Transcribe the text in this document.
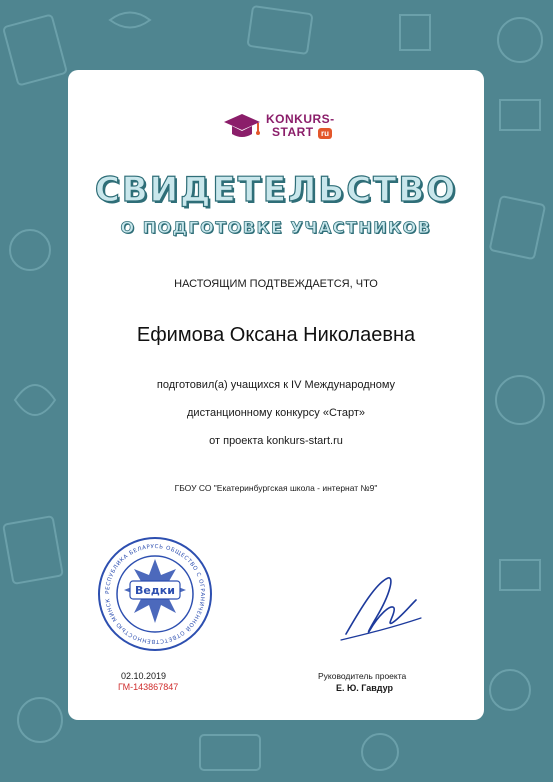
KONKURS-
START ru
СВИДЕТЕЛЬСТВО
О ПОДГОТОВКЕ УЧАСТНИКОВ
НАСТОЯЩИМ ПОДТВЕЖДАЕТСЯ, ЧТО
Ефимова Оксана Николаевна
подготовил(а) учащихся к IV Международному
дистанционному конкурсу «Старт»
от проекта konkurs-start.ru
ГБОУ СО "Екатеринбургская школа - интернат №9"
Ведки
РЕСПУБЛИКА БЕЛАРУСЬ ОБЩЕСТВО С ОГРАНИЧЕННОЙ ОТВЕТСТВЕННОСТЬЮ МИНСК
02.10.2019
ГМ-143867847
Руководитель проекта
Е. Ю. Гавдур
